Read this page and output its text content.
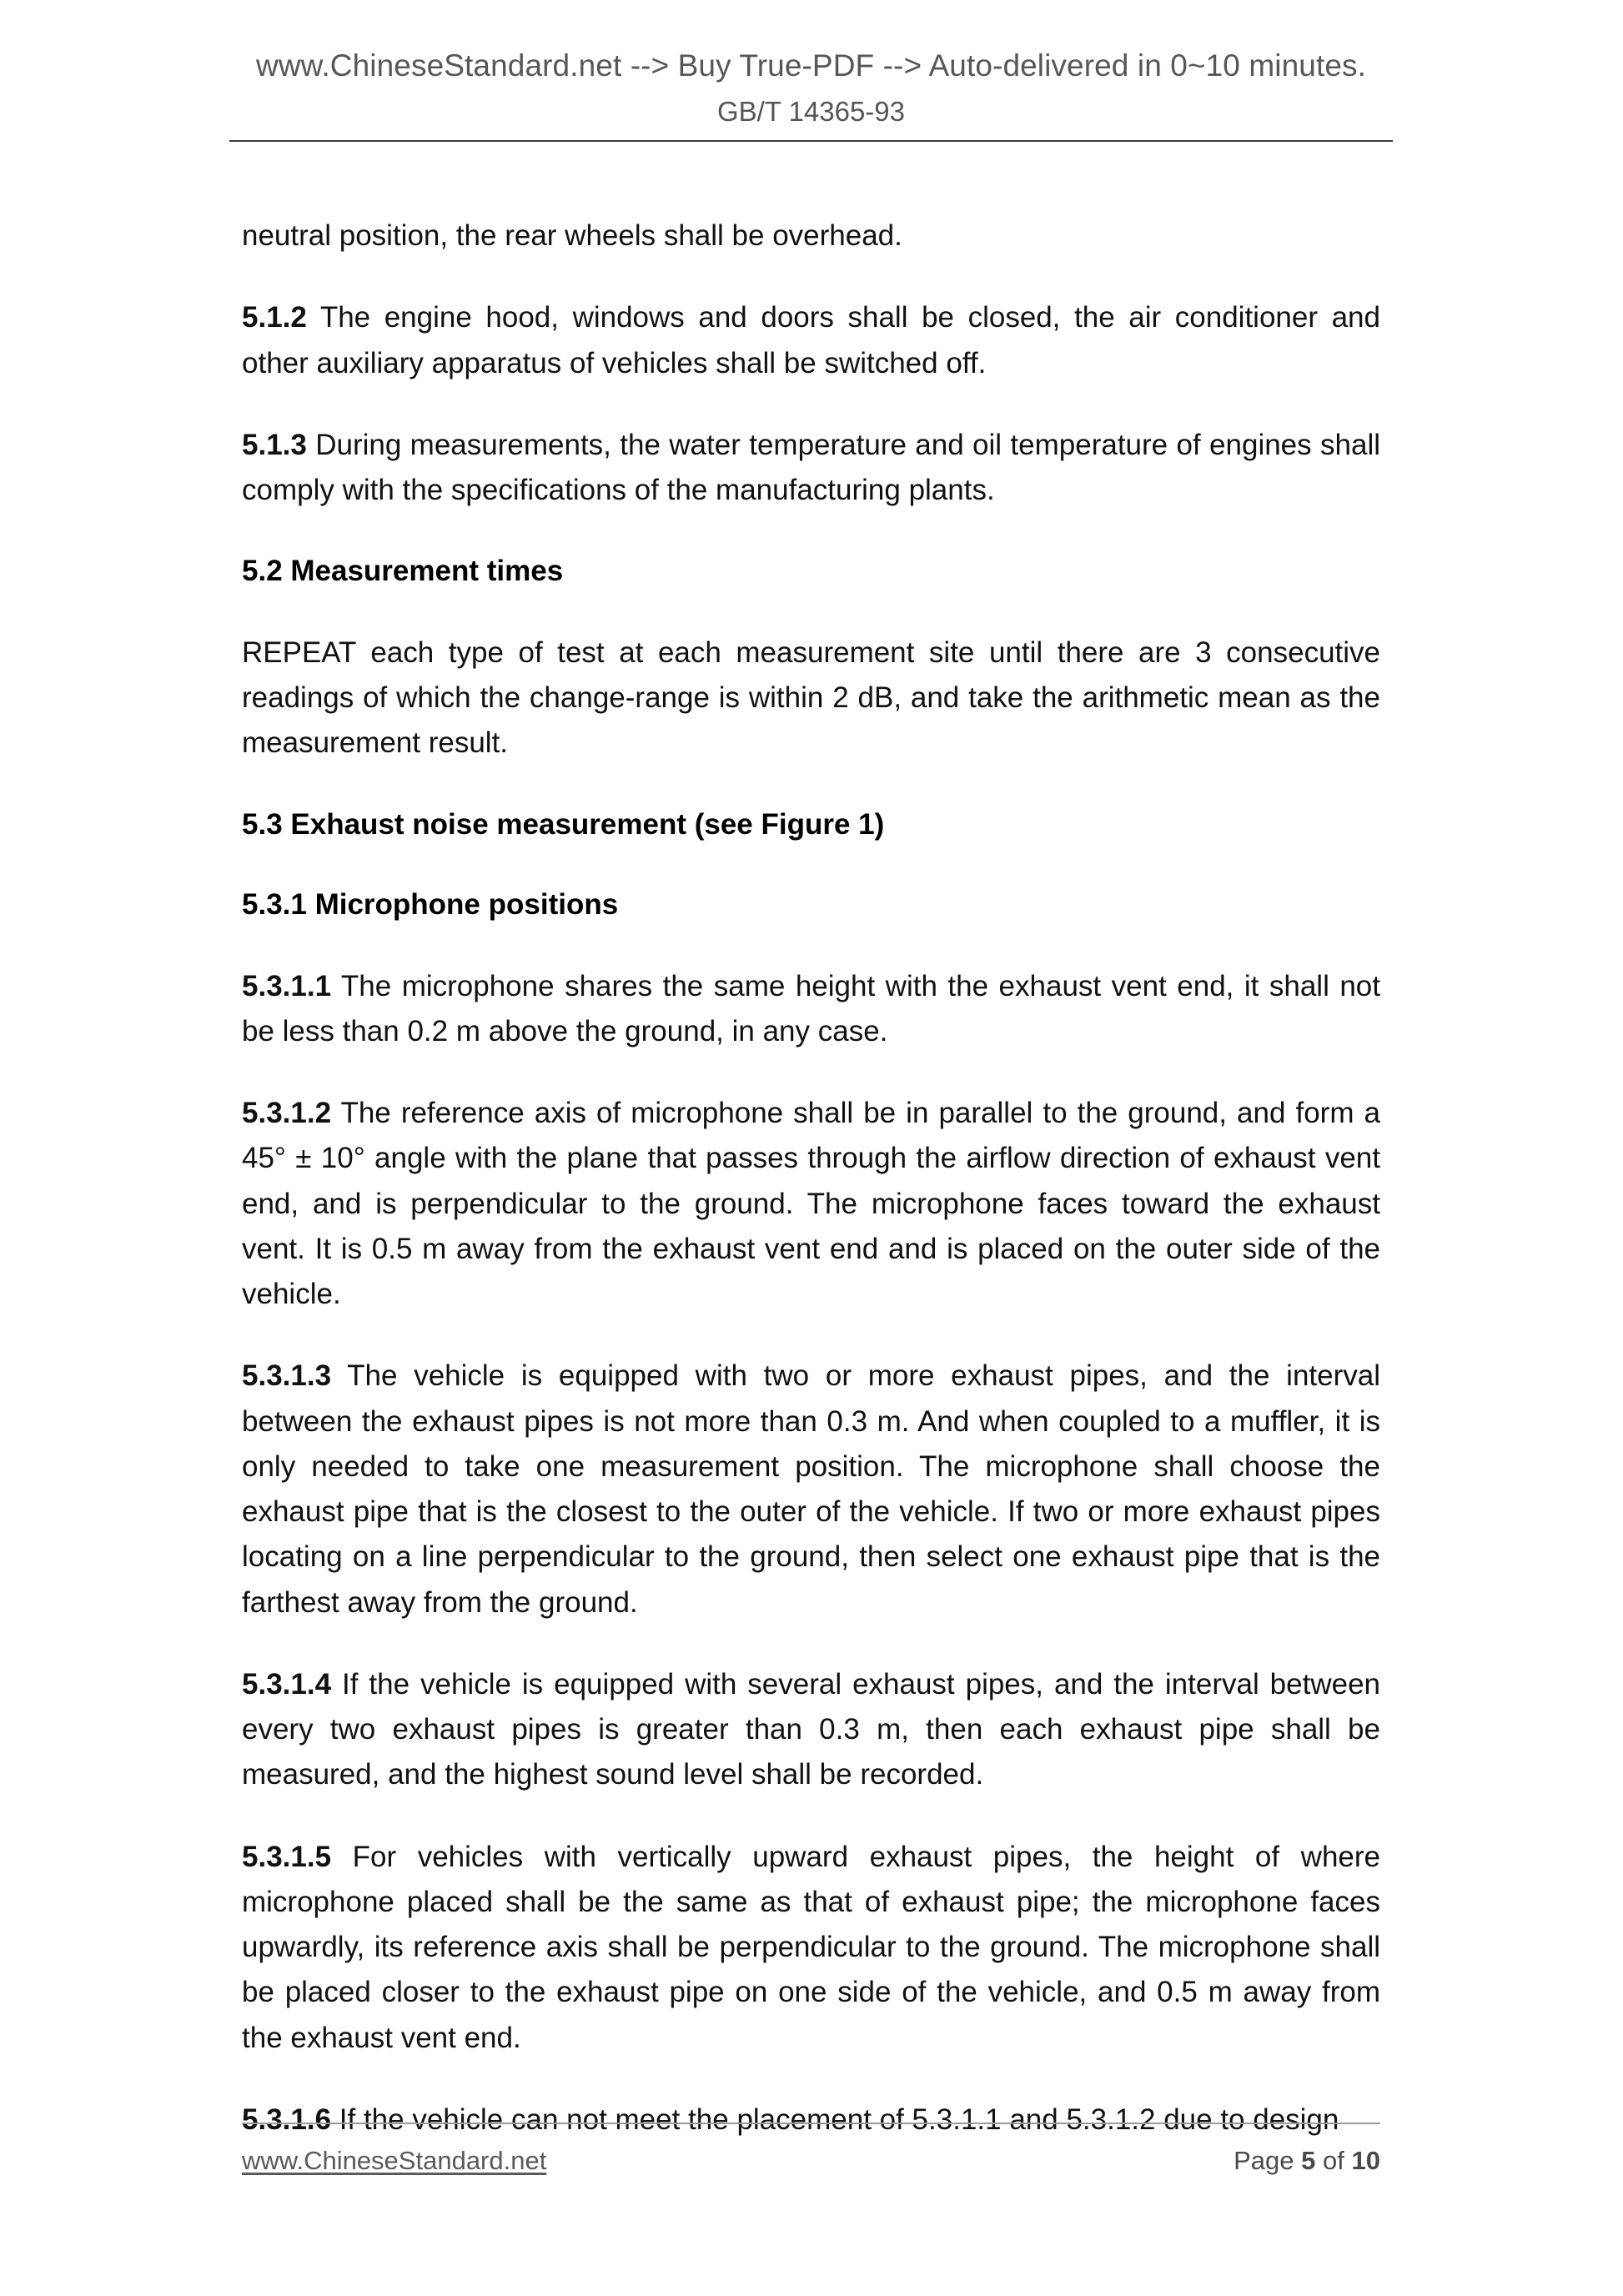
www.ChineseStandard.net --> Buy True-PDF --> Auto-delivered in 0~10 minutes.
GB/T 14365-93

neutral position, the rear wheels shall be overhead.

5.1.2 The engine hood, windows and doors shall be closed, the air conditioner and other auxiliary apparatus of vehicles shall be switched off.

5.1.3 During measurements, the water temperature and oil temperature of engines shall comply with the specifications of the manufacturing plants.

5.2 Measurement times

REPEAT each type of test at each measurement site until there are 3 consecutive readings of which the change-range is within 2 dB, and take the arithmetic mean as the measurement result.

5.3 Exhaust noise measurement (see Figure 1)

5.3.1 Microphone positions

5.3.1.1 The microphone shares the same height with the exhaust vent end, it shall not be less than 0.2 m above the ground, in any case.

5.3.1.2 The reference axis of microphone shall be in parallel to the ground, and form a 45° ± 10° angle with the plane that passes through the airflow direction of exhaust vent end, and is perpendicular to the ground. The microphone faces toward the exhaust vent. It is 0.5 m away from the exhaust vent end and is placed on the outer side of the vehicle.

5.3.1.3 The vehicle is equipped with two or more exhaust pipes, and the interval between the exhaust pipes is not more than 0.3 m. And when coupled to a muffler, it is only needed to take one measurement position. The microphone shall choose the exhaust pipe that is the closest to the outer of the vehicle. If two or more exhaust pipes locating on a line perpendicular to the ground, then select one exhaust pipe that is the farthest away from the ground.

5.3.1.4 If the vehicle is equipped with several exhaust pipes, and the interval between every two exhaust pipes is greater than 0.3 m, then each exhaust pipe shall be measured, and the highest sound level shall be recorded.

5.3.1.5 For vehicles with vertically upward exhaust pipes, the height of where microphone placed shall be the same as that of exhaust pipe; the microphone faces upwardly, its reference axis shall be perpendicular to the ground. The microphone shall be placed closer to the exhaust pipe on one side of the vehicle, and 0.5 m away from the exhaust vent end.

5.3.1.6 If the vehicle can not meet the placement of 5.3.1.1 and 5.3.1.2 due to design

www.ChineseStandard.net	Page 5 of 10
